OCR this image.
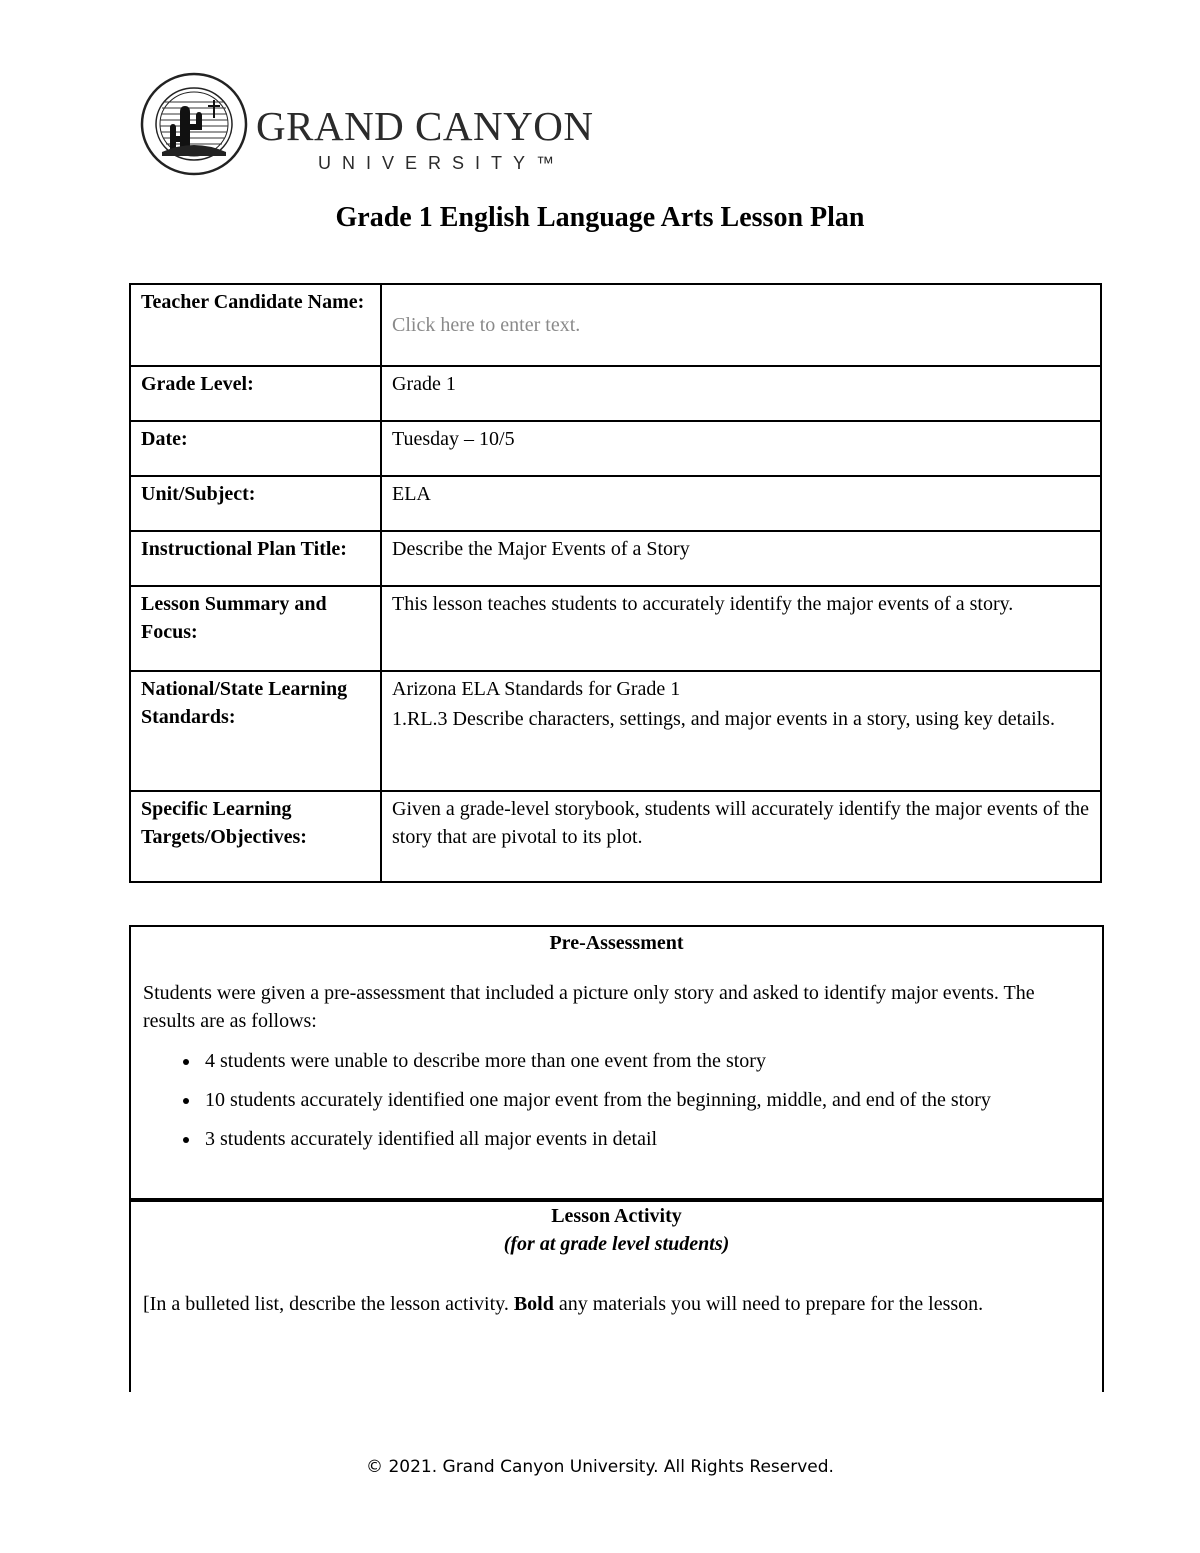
GRAND CANYON
UNIVERSITY™
Grade 1 English Language Arts Lesson Plan
Teacher Candidate Name:	Click here to enter text.
Grade Level:	Grade 1
Date:	Tuesday – 10/5
Unit/Subject:	ELA
Instructional Plan Title:	Describe the Major Events of a Story
Lesson Summary and Focus:	This lesson teaches students to accurately identify the major events of a story.
National/State Learning Standards:	Arizona ELA Standards for Grade 1
1.RL.3 Describe characters, settings, and major events in a story, using key details.

Specific Learning Targets/Objectives:	Given a grade-level storybook, students will accurately identify the major events of the story that are pivotal to its plot.
Pre-Assessment
Students were given a pre-assessment that included a picture only story and asked to identify major events. The results are as follows:
• 4 students were unable to describe more than one event from the story
• 10 students accurately identified one major event from the beginning, middle, and end of the story
• 3 students accurately identified all major events in detail
Lesson Activity
(for at grade level students)
[In a bulleted list, describe the lesson activity. Bold any materials you will need to prepare for the lesson.
© 2021. Grand Canyon University. All Rights Reserved.
